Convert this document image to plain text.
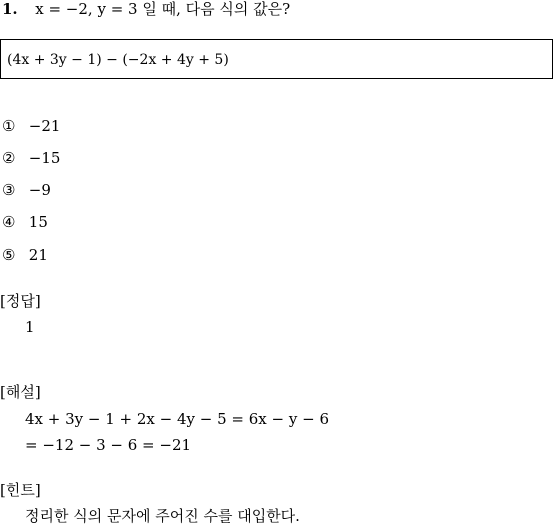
1. x = −2, y = 3 일 때, 다음 식의 값은?
(4x + 3y − 1) − (−2x + 4y + 5)
① −21
② −15
③ −9
④ 15
⑤ 21
[정답]
1
[해설]
4x + 3y − 1 + 2x − 4y − 5 = 6x − y − 6
= −12 − 3 − 6 = −21
[힌트]
정리한 식의 문자에 주어진 수를 대입한다.
